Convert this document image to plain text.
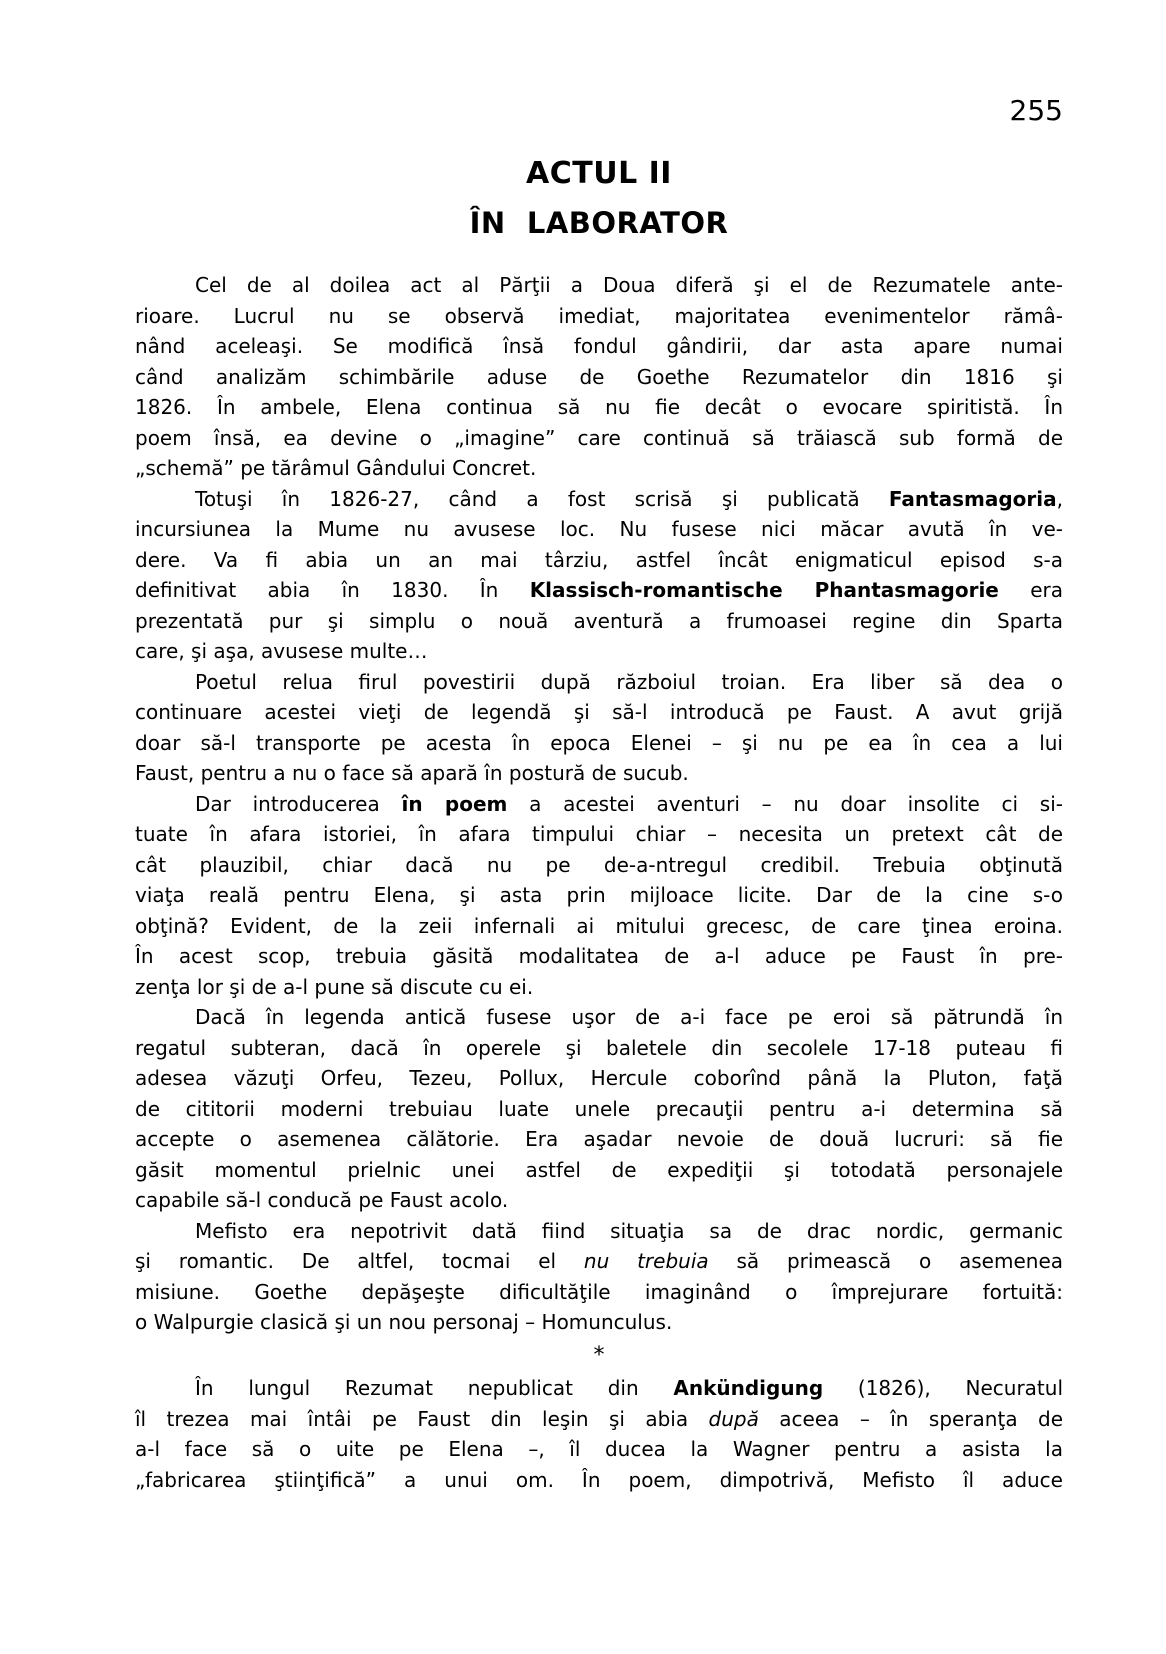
255
ACTUL II
ÎN  LABORATOR
Cel de al doilea act al Părţii a Doua diferă şi el de Rezumatele ante-
rioare. Lucrul nu se observă imediat, majoritatea evenimentelor rămâ-
nând aceleaşi. Se modifică însă fondul gândirii, dar asta apare numai
când analizăm schimbările aduse de Goethe Rezumatelor din 1816 şi
1826. În ambele, Elena continua să nu fie decât o evocare spiritistă. În
poem însă, ea devine o „imagine” care continuă să trăiască sub formă de
„schemă” pe tărâmul Gândului Concret.
Totuşi în 1826-27, când a fost scrisă şi publicată Fantasmagoria,
incursiunea la Mume nu avusese loc. Nu fusese nici măcar avută în ve-
dere. Va fi abia un an mai târziu, astfel încât enigmaticul episod s-a
definitivat abia în 1830. În Klassisch-romantische Phantasmagorie era
prezentată pur şi simplu o nouă aventură a frumoasei regine din Sparta
care, şi aşa, avusese multe…
Poetul relua firul povestirii după războiul troian. Era liber să dea o
continuare acestei vieţi de legendă şi să-l introducă pe Faust. A avut grijă
doar să-l transporte pe acesta în epoca Elenei – şi nu pe ea în cea a lui
Faust, pentru a nu o face să apară în postură de sucub.
Dar introducerea în poem a acestei aventuri – nu doar insolite ci si-
tuate în afara istoriei, în afara timpului chiar – necesita un pretext cât de
cât plauzibil, chiar dacă nu pe de-a-ntregul credibil. Trebuia obţinută
viaţa reală pentru Elena, şi asta prin mijloace licite. Dar de la cine s-o
obţină? Evident, de la zeii infernali ai mitului grecesc, de care ţinea eroina.
În acest scop, trebuia găsită modalitatea de a-l aduce pe Faust în pre-
zenţa lor şi de a-l pune să discute cu ei.
Dacă în legenda antică fusese uşor de a-i face pe eroi să pătrundă în
regatul subteran, dacă în operele şi baletele din secolele 17-18 puteau fi
adesea văzuţi Orfeu, Tezeu, Pollux, Hercule coborînd până la Pluton, faţă
de cititorii moderni trebuiau luate unele precauţii pentru a-i determina să
accepte o asemenea călătorie. Era aşadar nevoie de două lucruri: să fie
găsit momentul prielnic unei astfel de expediţii şi totodată personajele
capabile să-l conducă pe Faust acolo.
Mefisto era nepotrivit dată fiind situaţia sa de drac nordic, germanic
şi romantic. De altfel, tocmai el nu trebuia să primească o asemenea
misiune. Goethe depăşeşte dificultăţile imaginând o împrejurare fortuită:
o Walpurgie clasică şi un nou personaj – Homunculus.
*
În lungul Rezumat nepublicat din Ankündigung (1826), Necuratul
îl trezea mai întâi pe Faust din leşin şi abia după aceea – în speranţa de
a-l face să o uite pe Elena –, îl ducea la Wagner pentru a asista la
„fabricarea ştiinţifică” a unui om. În poem, dimpotrivă, Mefisto îl aduce
